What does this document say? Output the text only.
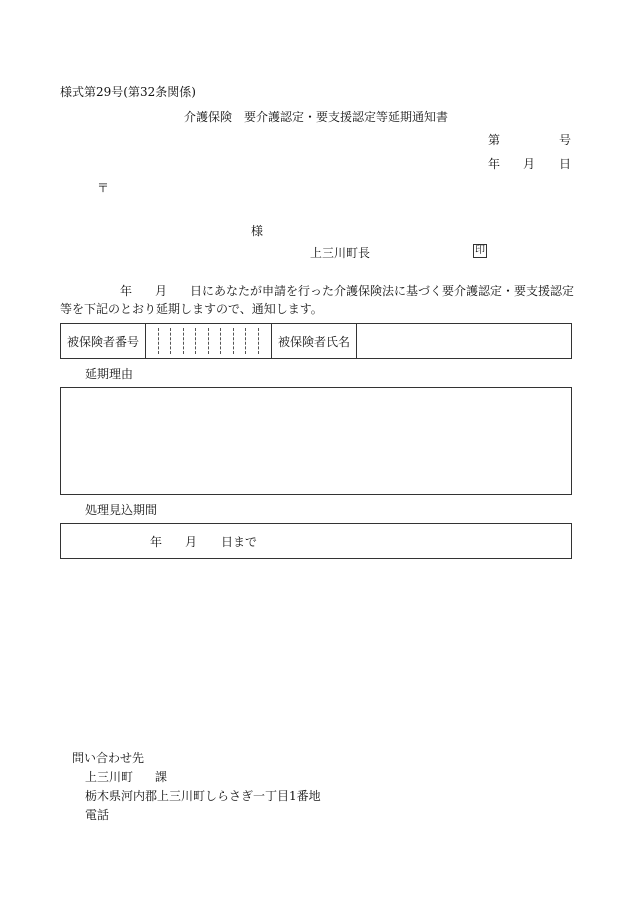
様式第29号(第32条関係)
介護保険　要介護認定・要支援認定等延期通知書
第	号
年 月 日
〒
様
上三川町長	印
年 月 日にあなたが申請を行った介護保険法に基づく要介護認定・要支援認定
等を下記のとおり延期しますので、通知します。
被保険者番号	被保険者氏名
延期理由
処理見込期間
年 月 日まで
問い合わせ先
上三川町 課
栃木県河内郡上三川町しらさぎ一丁目1番地
電話
